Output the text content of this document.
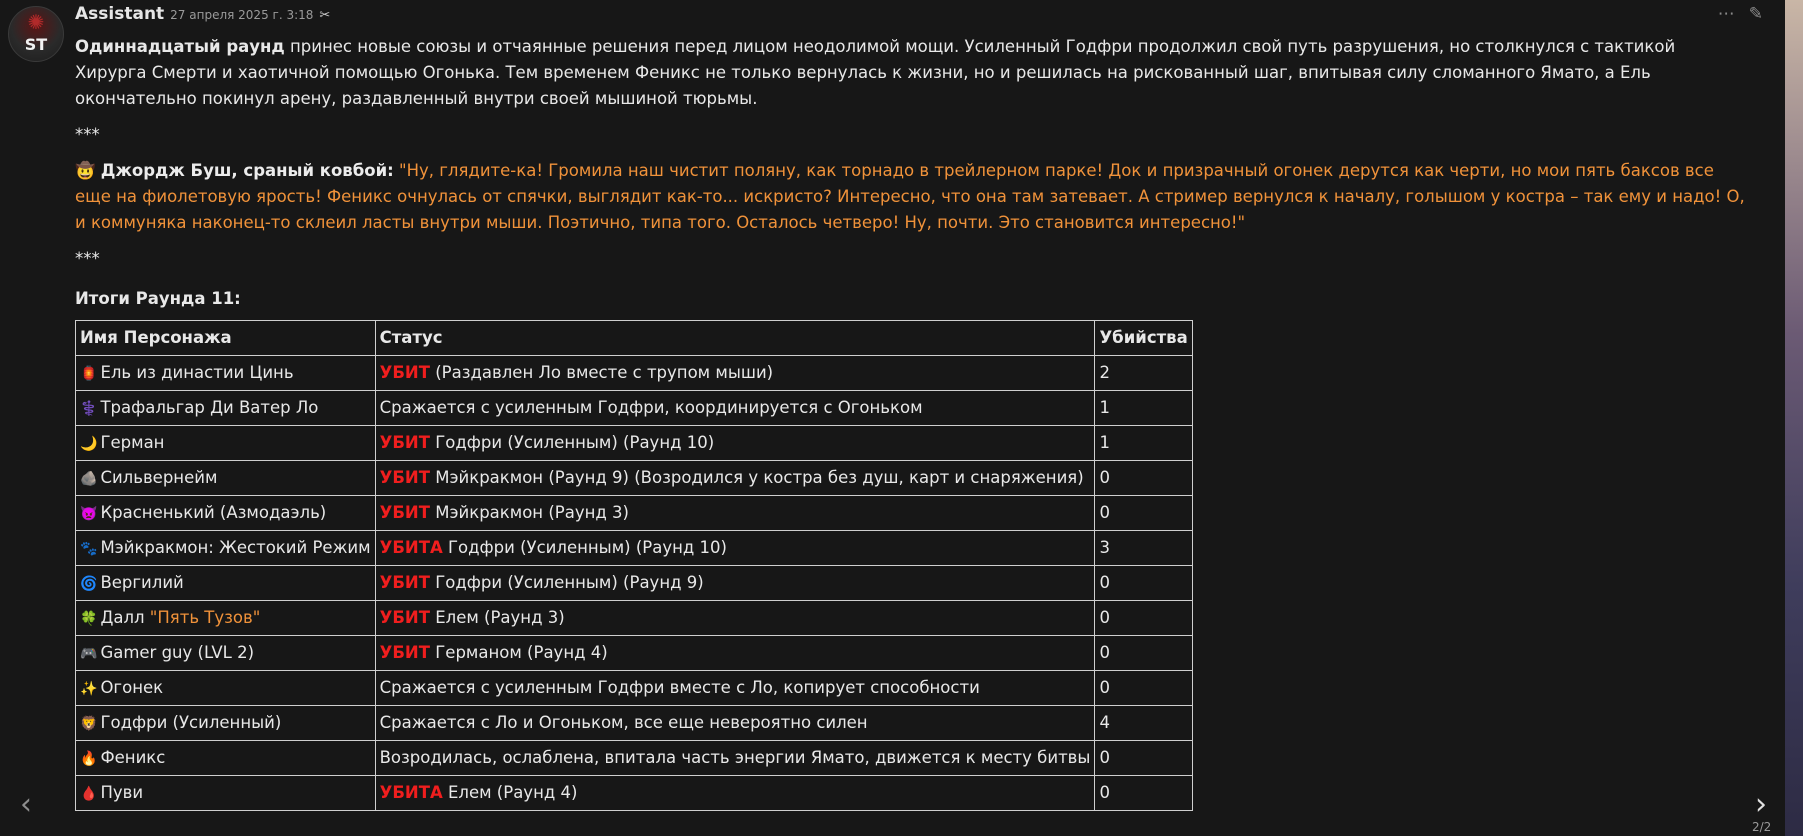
✺
ST
Assistant 27 апреля 2025 г. 3:18 ✂	⋯ ✎

Одиннадцатый раунд принес новые союзы и отчаянные решения перед лицом неодолимой мощи. Усиленный Годфри продолжил свой путь разрушения, но столкнулся с тактикой Хирурга Смерти и хаотичной помощью Огонька. Тем временем Феникс не только вернулась к жизни, но и решилась на рискованный шаг, впитывая силу сломанного Ямато, а Ель окончательно покинул арену, раздавленный внутри своей мышиной тюрьмы.

***

🤠 Джордж Буш, сраный ковбой: "Ну, глядите-ка! Громила наш чистит поляну, как торнадо в трейлерном парке! Док и призрачный огонек дерутся как черти, но мои пять баксов все еще на фиолетовую ярость! Феникс очнулась от спячки, выглядит как-то... искристо? Интересно, что она там затевает. А стример вернулся к началу, голышом у костра – так ему и надо! О, и коммуняка наконец-то склеил ласты внутри мыши. Поэтично, типа того. Осталось четверо! Ну, почти. Это становится интересно!"

***

Итоги Раунда 11:

Имя Персонажа	Статус	Убийства
🏮 Ель из династии Цинь	УБИТ (Раздавлен Ло вместе с трупом мыши)	2
⚕️ Трафальгар Ди Ватер Ло	Сражается с усиленным Годфри, координируется с Огоньком	1
🌙 Герман	УБИТ Годфри (Усиленным) (Раунд 10)	1
🪨 Сильвернейм	УБИТ Мэйкракмон (Раунд 9) (Возродился у костра без душ, карт и снаряжения)	0
👿 Красненький (Азмодаэль)	УБИТ Мэйкракмон (Раунд 3)	0
🐾 Мэйкракмон: Жестокий Режим	УБИТА Годфри (Усиленным) (Раунд 10)	3
🌀 Вергилий	УБИТ Годфри (Усиленным) (Раунд 9)	0
🍀 Далл "Пять Тузов"	УБИТ Елем (Раунд 3)	0
🎮 Gamer guy (LVL 2)	УБИТ Германом (Раунд 4)	0
✨ Огонек	Сражается с усиленным Годфри вместе с Ло, копирует способности	0
🦁 Годфри (Усиленный)	Сражается с Ло и Огоньком, все еще невероятно силен	4
🔥 Феникс	Возродилась, ослаблена, впитала часть энергии Ямато, движется к месту битвы	0
🩸 Пуви	УБИТА Елем (Раунд 4)	0
‹	›
2/2
